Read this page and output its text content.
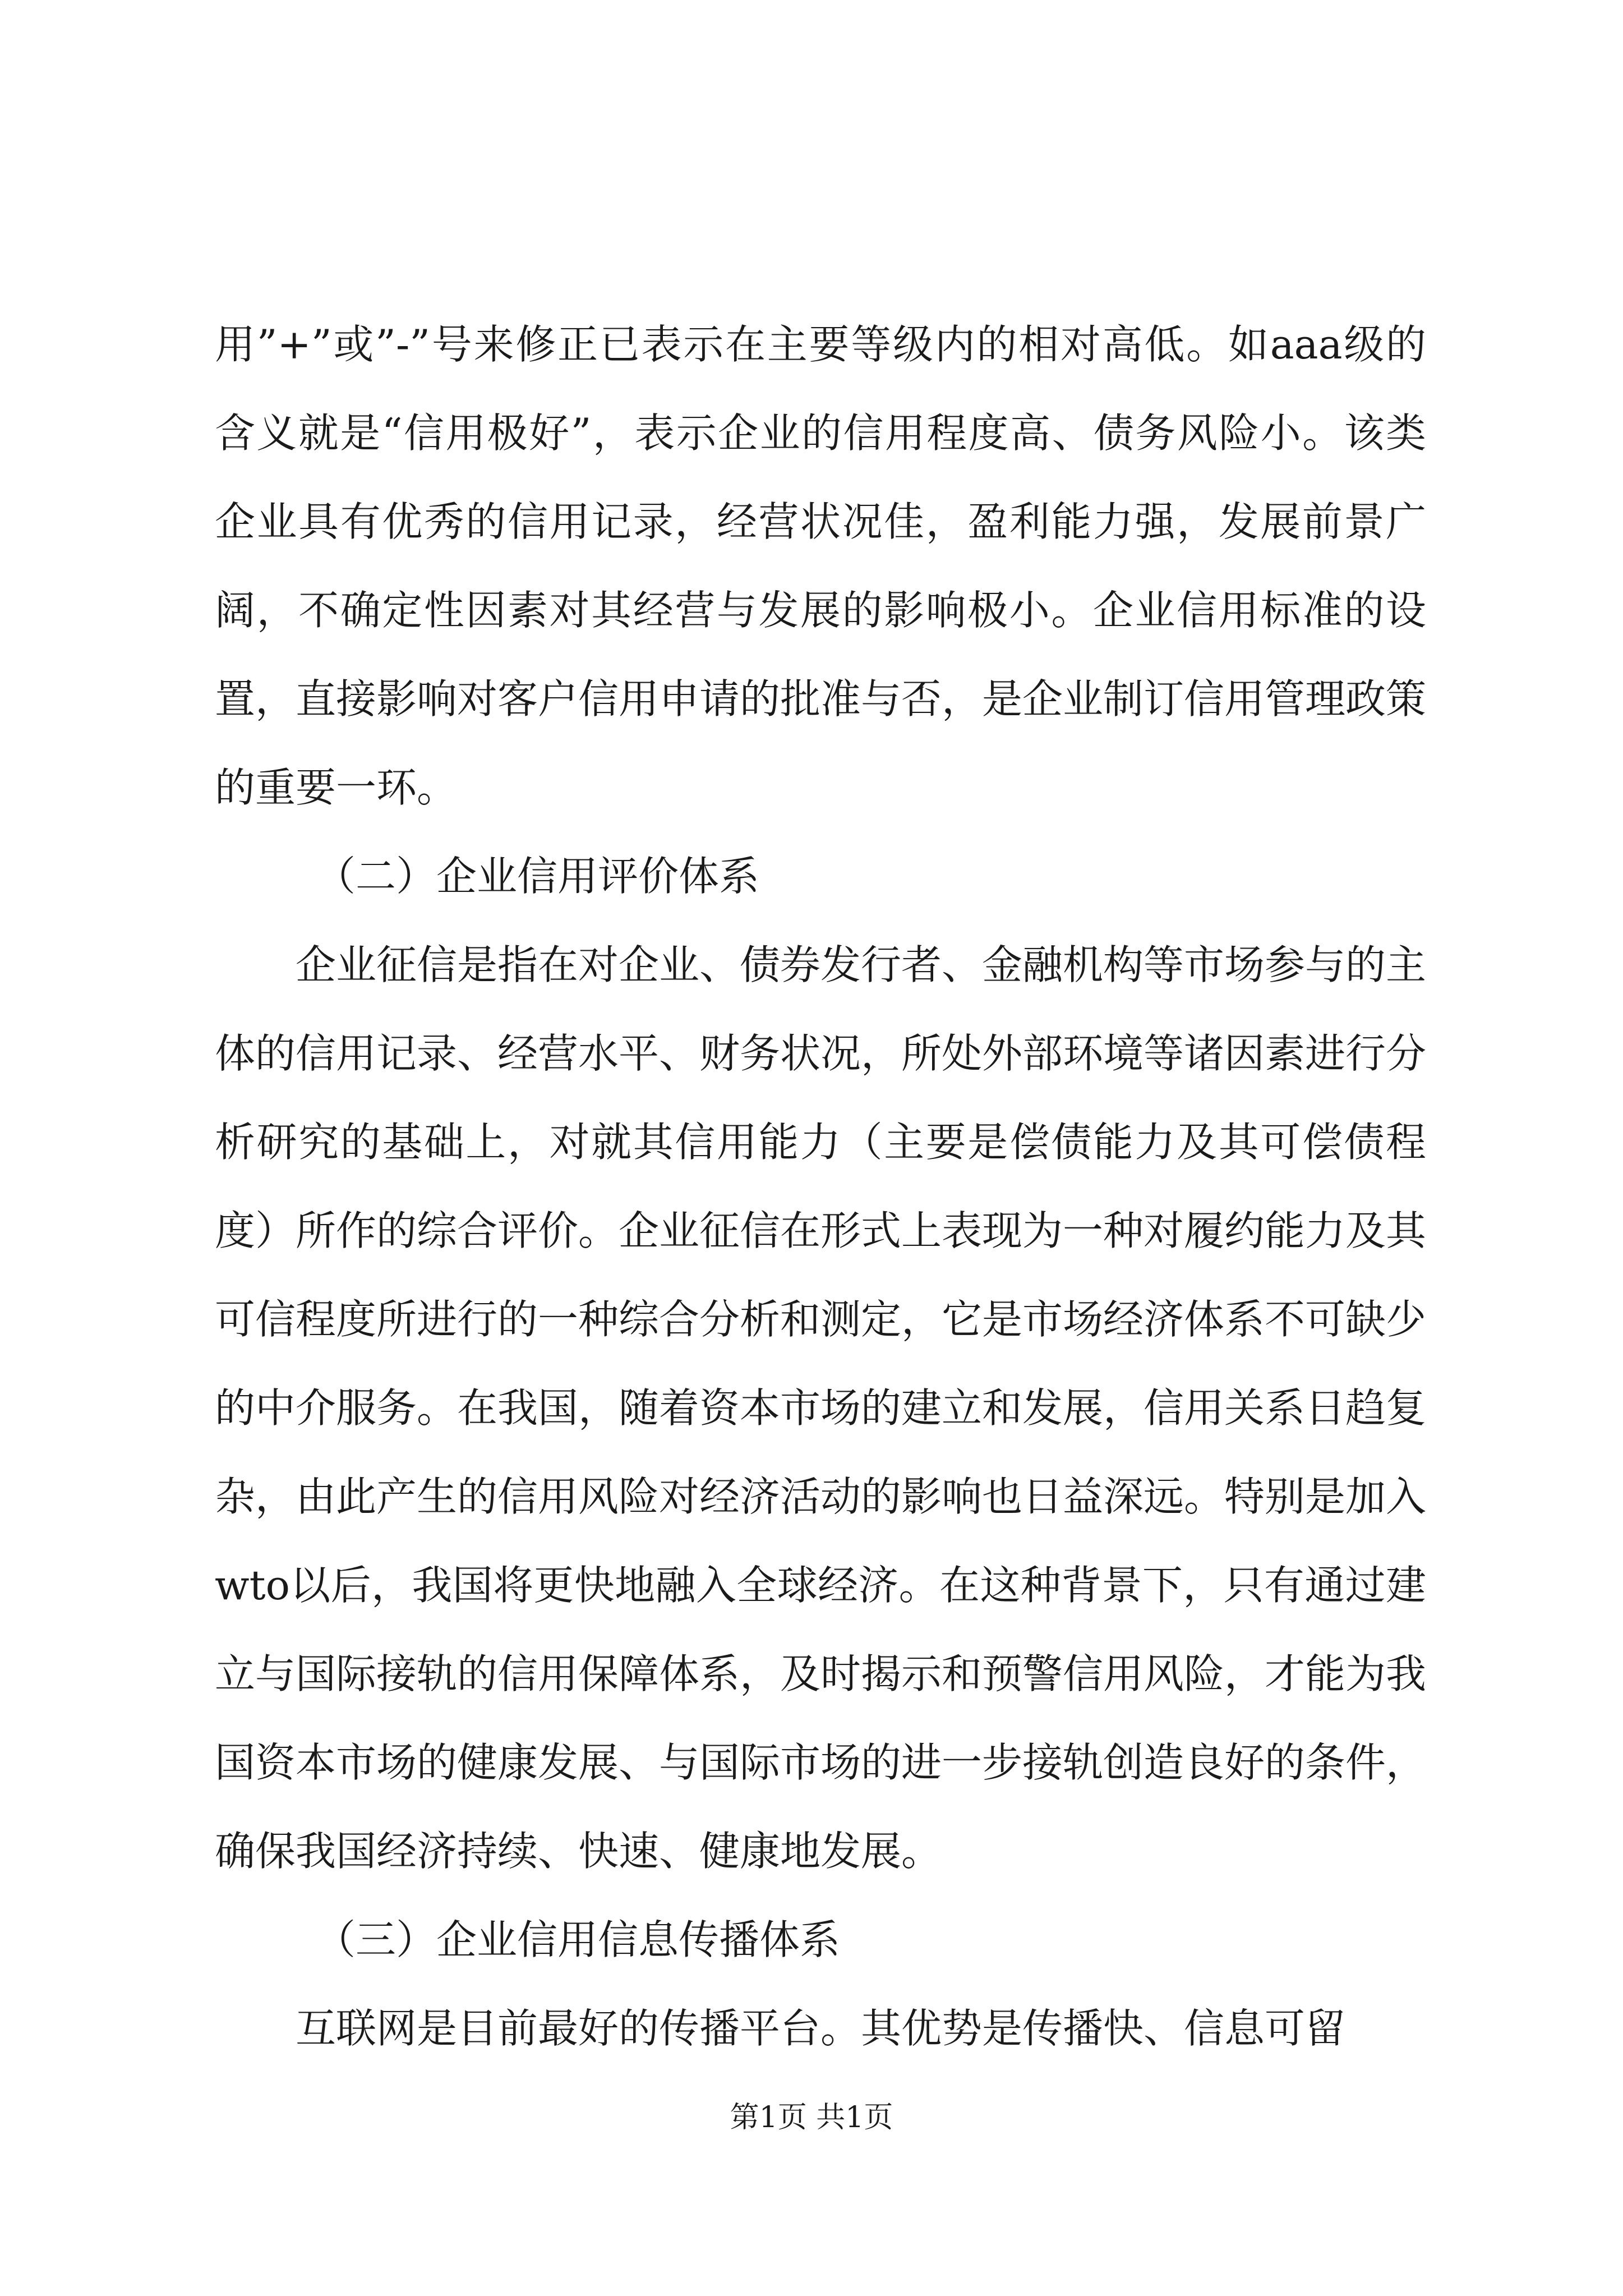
用”+”或”-”号来修正已表示在主要等级内的相对高低。如aaa级的含义就是“信用极好”，表示企业的信用程度高、债务风险小。该类企业具有优秀的信用记录，经营状况佳，盈利能力强，发展前景广阔，不确定性因素对其经营与发展的影响极小。企业信用标准的设置，直接影响对客户信用申请的批准与否，是企业制订信用管理政策的重要一环。

（二）企业信用评价体系

企业征信是指在对企业、债券发行者、金融机构等市场参与的主体的信用记录、经营水平、财务状况，所处外部环境等诸因素进行分析研究的基础上，对就其信用能力（主要是偿债能力及其可偿债程度）所作的综合评价。企业征信在形式上表现为一种对履约能力及其可信程度所进行的一种综合分析和测定，它是市场经济体系不可缺少的中介服务。在我国，随着资本市场的建立和发展，信用关系日趋复杂，由此产生的信用风险对经济活动的影响也日益深远。特别是加入wto以后，我国将更快地融入全球经济。在这种背景下，只有通过建立与国际接轨的信用保障体系，及时揭示和预警信用风险，才能为我国资本市场的健康发展、与国际市场的进一步接轨创造良好的条件，确保我国经济持续、快速、健康地发展。

（三）企业信用信息传播体系

互联网是目前最好的传播平台。其优势是传播快、信息可留

第1页 共1页
